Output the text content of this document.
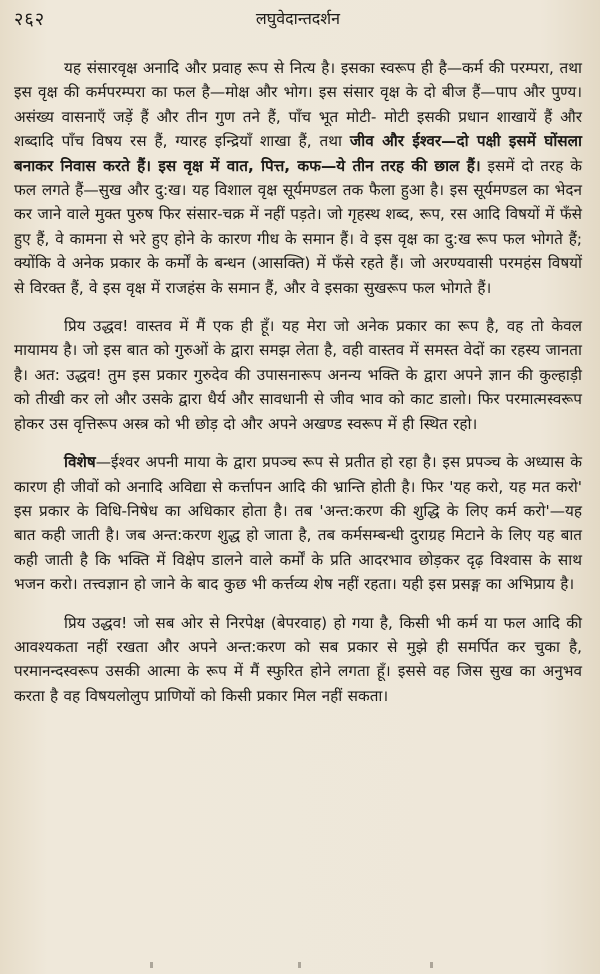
२६२	लघुवेदान्तदर्शन

यह संसारवृक्ष अनादि और प्रवाह रूप से नित्य है। इसका स्वरूप ही है—कर्म की परम्परा, तथा इस वृक्ष की कर्मपरम्परा का फल है—मोक्ष और भोग। इस संसार वृक्ष के दो बीज हैं—पाप और पुण्य। असंख्य वासनाएँ जड़ें हैं और तीन गुण तने हैं, पाँच भूत मोटी- मोटी इसकी प्रधान शाखायें हैं और शब्दादि पाँच विषय रस हैं, ग्यारह इन्द्रियाँ शाखा हैं, तथा जीव और ईश्वर—दो पक्षी इसमें घोंसला बनाकर निवास करते हैं। इस वृक्ष में वात, पित्त, कफ—ये तीन तरह की छाल हैं। इसमें दो तरह के फल लगते हैं—सुख और दु:ख। यह विशाल वृक्ष सूर्यमण्डल तक फैला हुआ है। इस सूर्यमण्डल का भेदन कर जाने वाले मुक्त पुरुष फिर संसार-चक्र में नहीं पड़ते। जो गृहस्थ शब्द, रूप, रस आदि विषयों में फँसे हुए हैं, वे कामना से भरे हुए होने के कारण गीध के समान हैं। वे इस वृक्ष का दु:ख रूप फल भोगते हैं; क्योंकि वे अनेक प्रकार के कर्मों के बन्धन (आसक्ति) में फँसे रहते हैं। जो अरण्यवासी परमहंस विषयों से विरक्त हैं, वे इस वृक्ष में राजहंस के समान हैं, और वे इसका सुखरूप फल भोगते हैं।

प्रिय उद्धव! वास्तव में मैं एक ही हूँ। यह मेरा जो अनेक प्रकार का रूप है, वह तो केवल मायामय है। जो इस बात को गुरुओं के द्वारा समझ लेता है, वही वास्तव में समस्त वेदों का रहस्य जानता है। अत: उद्धव! तुम इस प्रकार गुरुदेव की उपासनारूप अनन्य भक्ति के द्वारा अपने ज्ञान की कुल्हाड़ी को तीखी कर लो और उसके द्वारा धैर्य और सावधानी से जीव भाव को काट डालो। फिर परमात्मस्वरूप होकर उस वृत्तिरूप अस्त्र को भी छोड़ दो और अपने अखण्ड स्वरूप में ही स्थित रहो।

विशेष—ईश्वर अपनी माया के द्वारा प्रपञ्च रूप से प्रतीत हो रहा है। इस प्रपञ्च के अध्यास के कारण ही जीवों को अनादि अविद्या से कर्त्तापन आदि की भ्रान्ति होती है। फिर 'यह करो, यह मत करो' इस प्रकार के विधि-निषेध का अधिकार होता है। तब 'अन्त:करण की शुद्धि के लिए कर्म करो'—यह बात कही जाती है। जब अन्त:करण शुद्ध हो जाता है, तब कर्मसम्बन्धी दुराग्रह मिटाने के लिए यह बात कही जाती है कि भक्ति में विक्षेप डालने वाले कर्मों के प्रति आदरभाव छोड़कर दृढ़ विश्वास के साथ भजन करो। तत्त्वज्ञान हो जाने के बाद कुछ भी कर्त्तव्य शेष नहीं रहता। यही इस प्रसङ्ग का अभिप्राय है।

प्रिय उद्धव! जो सब ओर से निरपेक्ष (बेपरवाह) हो गया है, किसी भी कर्म या फल आदि की आवश्यकता नहीं रखता और अपने अन्त:करण को सब प्रकार से मुझे ही समर्पित कर चुका है, परमानन्दस्वरूप उसकी आत्मा के रूप में मैं स्फुरित होने लगता हूँ। इससे वह जिस सुख का अनुभव करता है वह विषयलोलुप प्राणियों को किसी प्रकार मिल नहीं सकता।
